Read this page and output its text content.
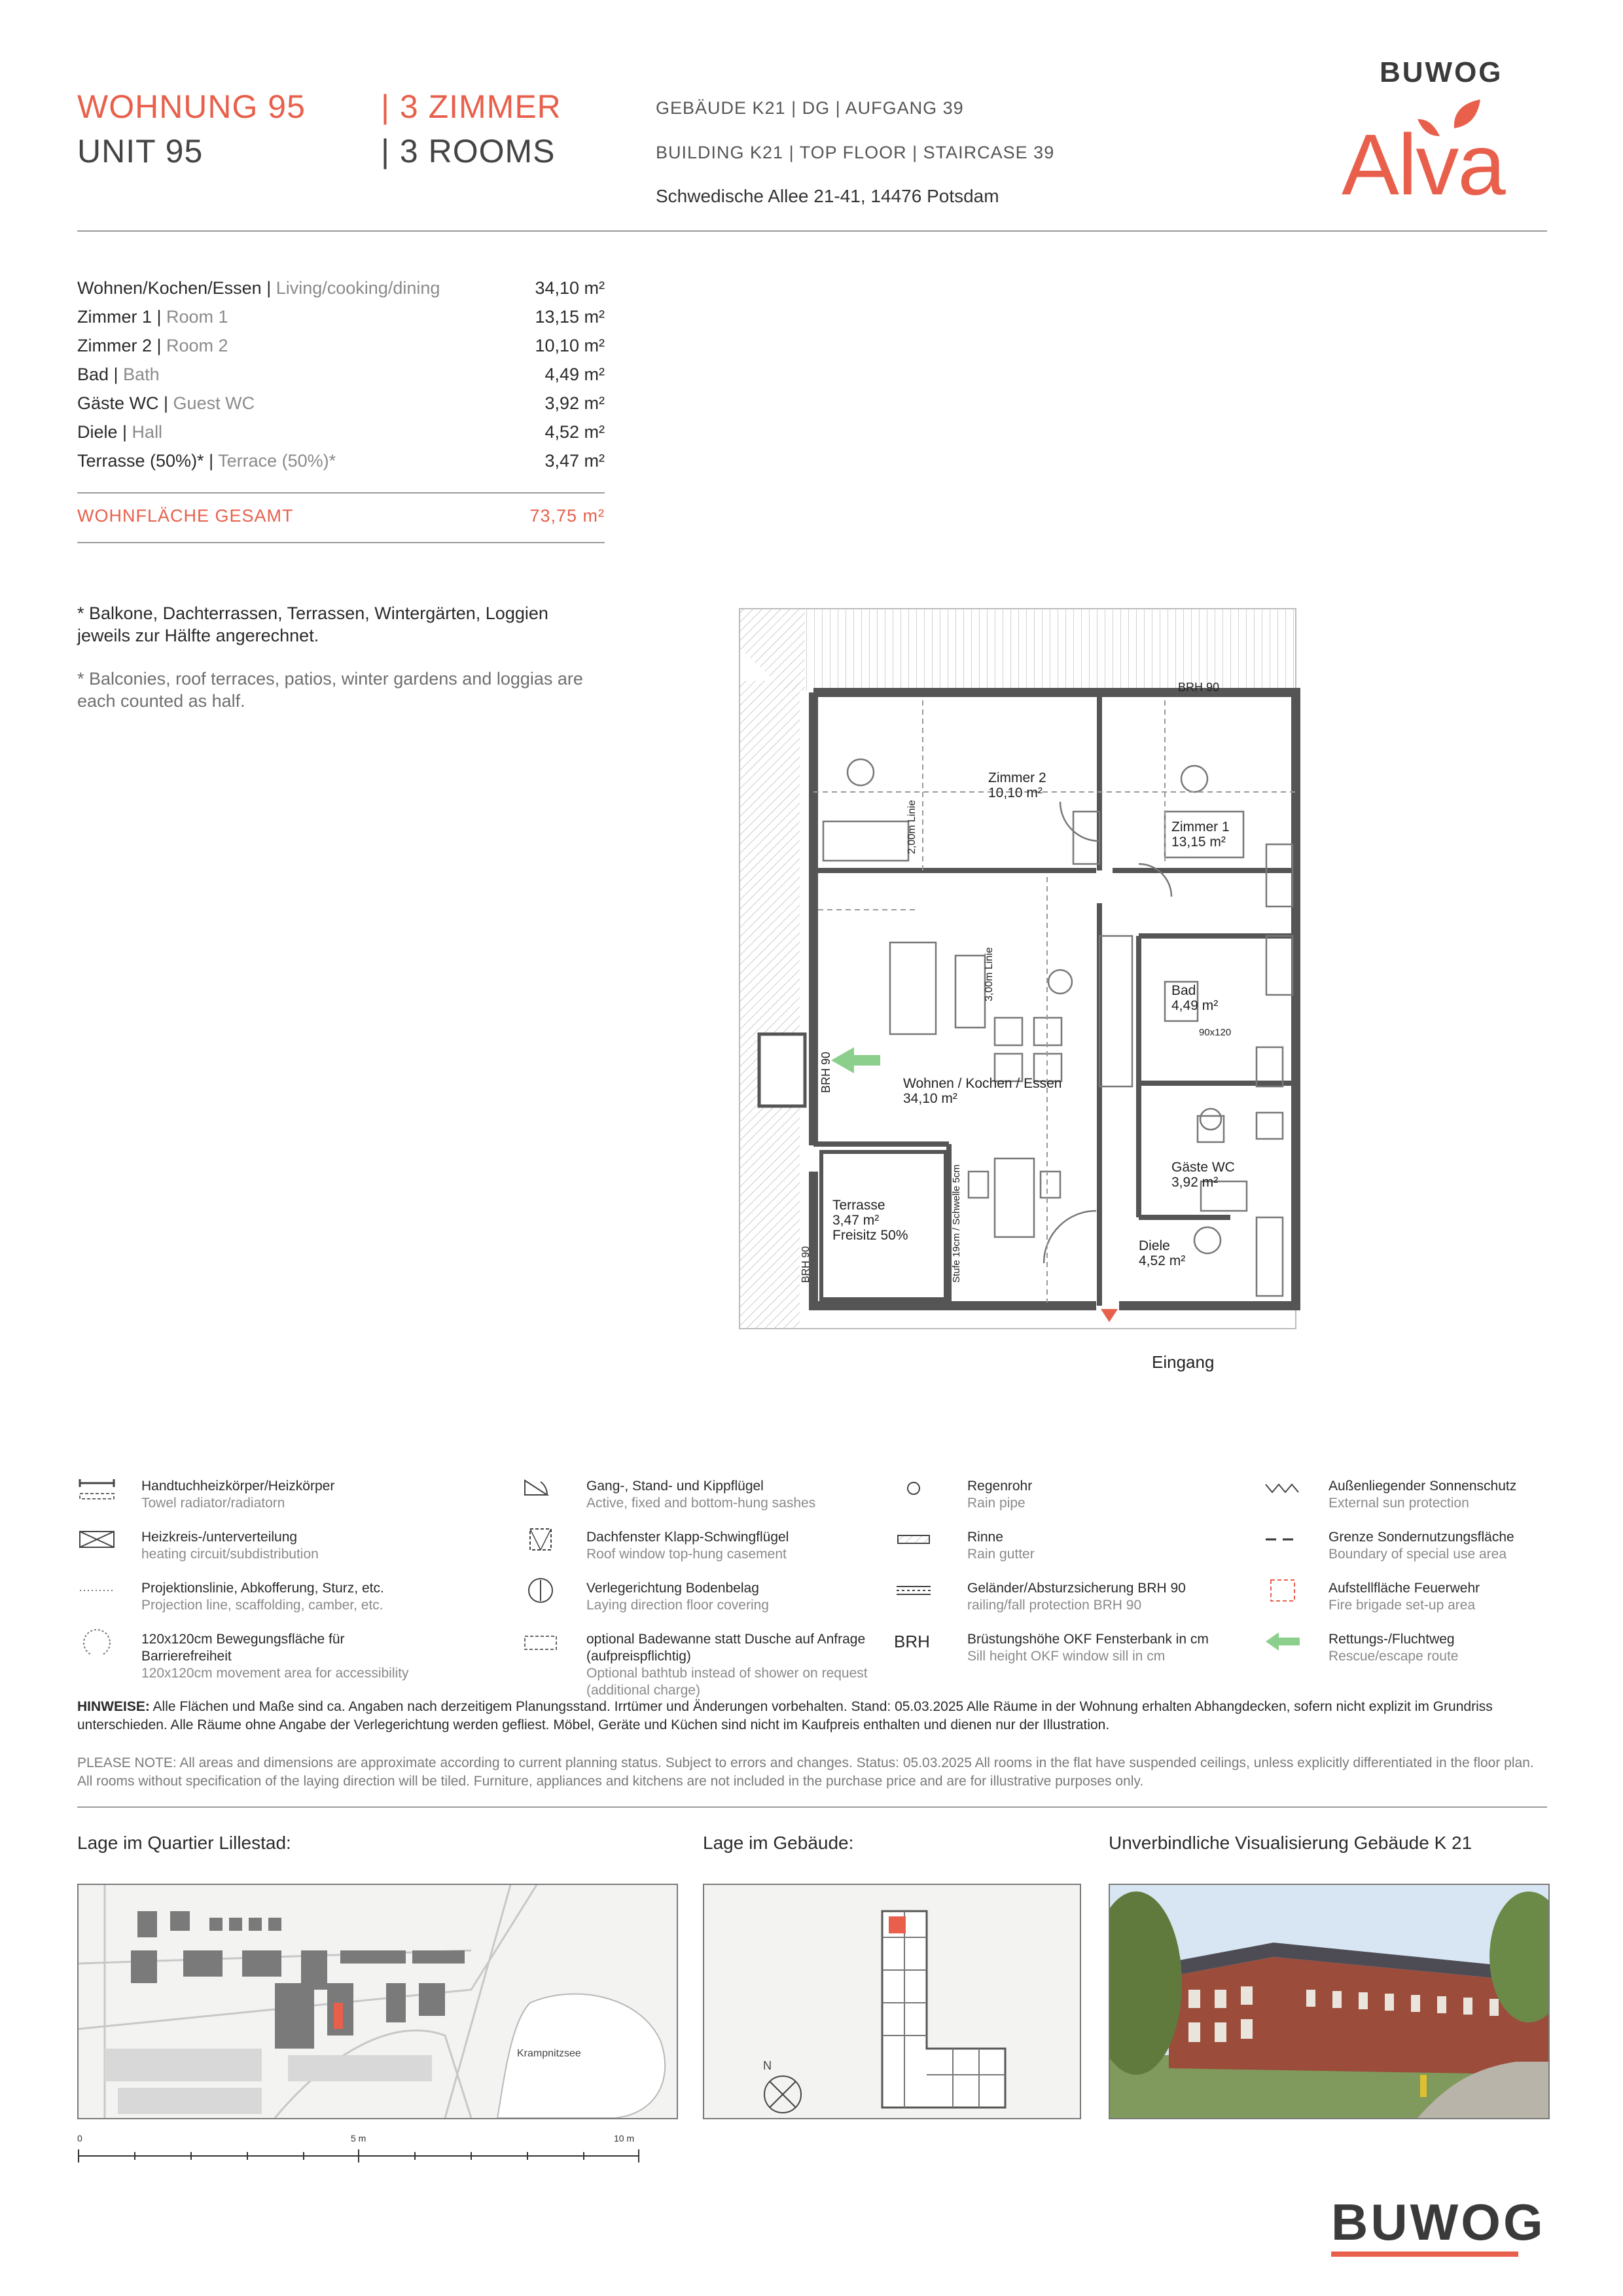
WOHNUNG 95 | 3 ZIMMER
UNIT 95	| 3 ROOMS
GEBÄUDE K21 | DG | AUFGANG 39
BUILDING K21 | TOP FLOOR | STAIRCASE 39
Schwedische Allee 21-41, 14476 Potsdam
BUWOG
Alva
Wohnen/Kochen/Essen | Living/cooking/dining	34,10 m²
Zimmer 1 | Room 1	13,15 m²
Zimmer 2 | Room 2	10,10 m²
Bad | Bath	4,49 m²
Gäste WC | Guest WC	3,92 m²
Diele | Hall	4,52 m²
Terrasse (50%)* | Terrace (50%)*	3,47 m²
WOHNFLÄCHE GESAMT	73,75 m²
* Balkone, Dachterrassen, Terrassen, Wintergärten, Loggien jeweils zur Hälfte angerechnet.
* Balconies, roof terraces, patios, winter gardens and loggias are each counted as half.
Zimmer 2
10,10 m²
Zimmer 1
13,15 m²
Bad
4,49 m²
Wohnen / Kochen / Essen
34,10 m²
Gäste WC
3,92 m²
Diele
4,52 m²
Terrasse
3,47 m²
Freisitz 50%
BRH 90
90x120
BRH 90
BRH 90
2,00m Linie
3,00m Linie
Stufe 19cm / Schwelle 5cm
Eingang
Handtuchheizkörper/Heizkörper
Towel radiator/radiatorn
Heizkreis-/unterverteilung
heating circuit/subdistribution
Projektionslinie, Abkofferung, Sturz, etc.
Projection line, scaffolding, camber, etc.
120x120cm Bewegungsfläche für Barrierefreiheit
120x120cm movement area for accessibility
Gang-, Stand- und Kippflügel
Active, fixed and bottom-hung sashes
Dachfenster Klapp-Schwingflügel
Roof window top-hung casement
Verlegerichtung Bodenbelag
Laying direction floor covering
optional Badewanne statt Dusche auf Anfrage (aufpreispflichtig)
Optional bathtub instead of shower on request (additional charge)
Regenrohr
Rain pipe
Rinne
Rain gutter
Geländer/Absturzsicherung BRH 90
railing/fall protection BRH 90
BRH	Brüstungshöhe OKF Fensterbank in cm
Sill height OKF window sill in cm
Außenliegender Sonnenschutz
External sun protection
Grenze Sondernutzungsfläche
Boundary of special use area
Aufstellfläche Feuerwehr
Fire brigade set-up area
Rettungs-/Fluchtweg
Rescue/escape route
HINWEISE: Alle Flächen und Maße sind ca. Angaben nach derzeitigem Planungsstand. Irrtümer und Änderungen vorbehalten. Stand: 05.03.2025 Alle Räume in der Wohnung erhalten Abhangdecken, sofern nicht explizit im Grundriss unterschieden. Alle Räume ohne Angabe der Verlegerichtung werden gefliest. Möbel, Geräte und Küchen sind nicht im Kaufpreis enthalten und dienen nur der Illustration.
PLEASE NOTE: All areas and dimensions are approximate according to current planning status. Subject to errors and changes. Status: 05.03.2025 All rooms in the flat have suspended ceilings, unless explicitly differentiated in the floor plan. All rooms without specification of the laying direction will be tiled. Furniture, appliances and kitchens are not included in the purchase price and are for illustrative purposes only.
Lage im Quartier Lillestad:	Lage im Gebäude:	Unverbindliche Visualisierung Gebäude K 21
Krampnitzsee
0	5 m	10 m
N
BUWOG
